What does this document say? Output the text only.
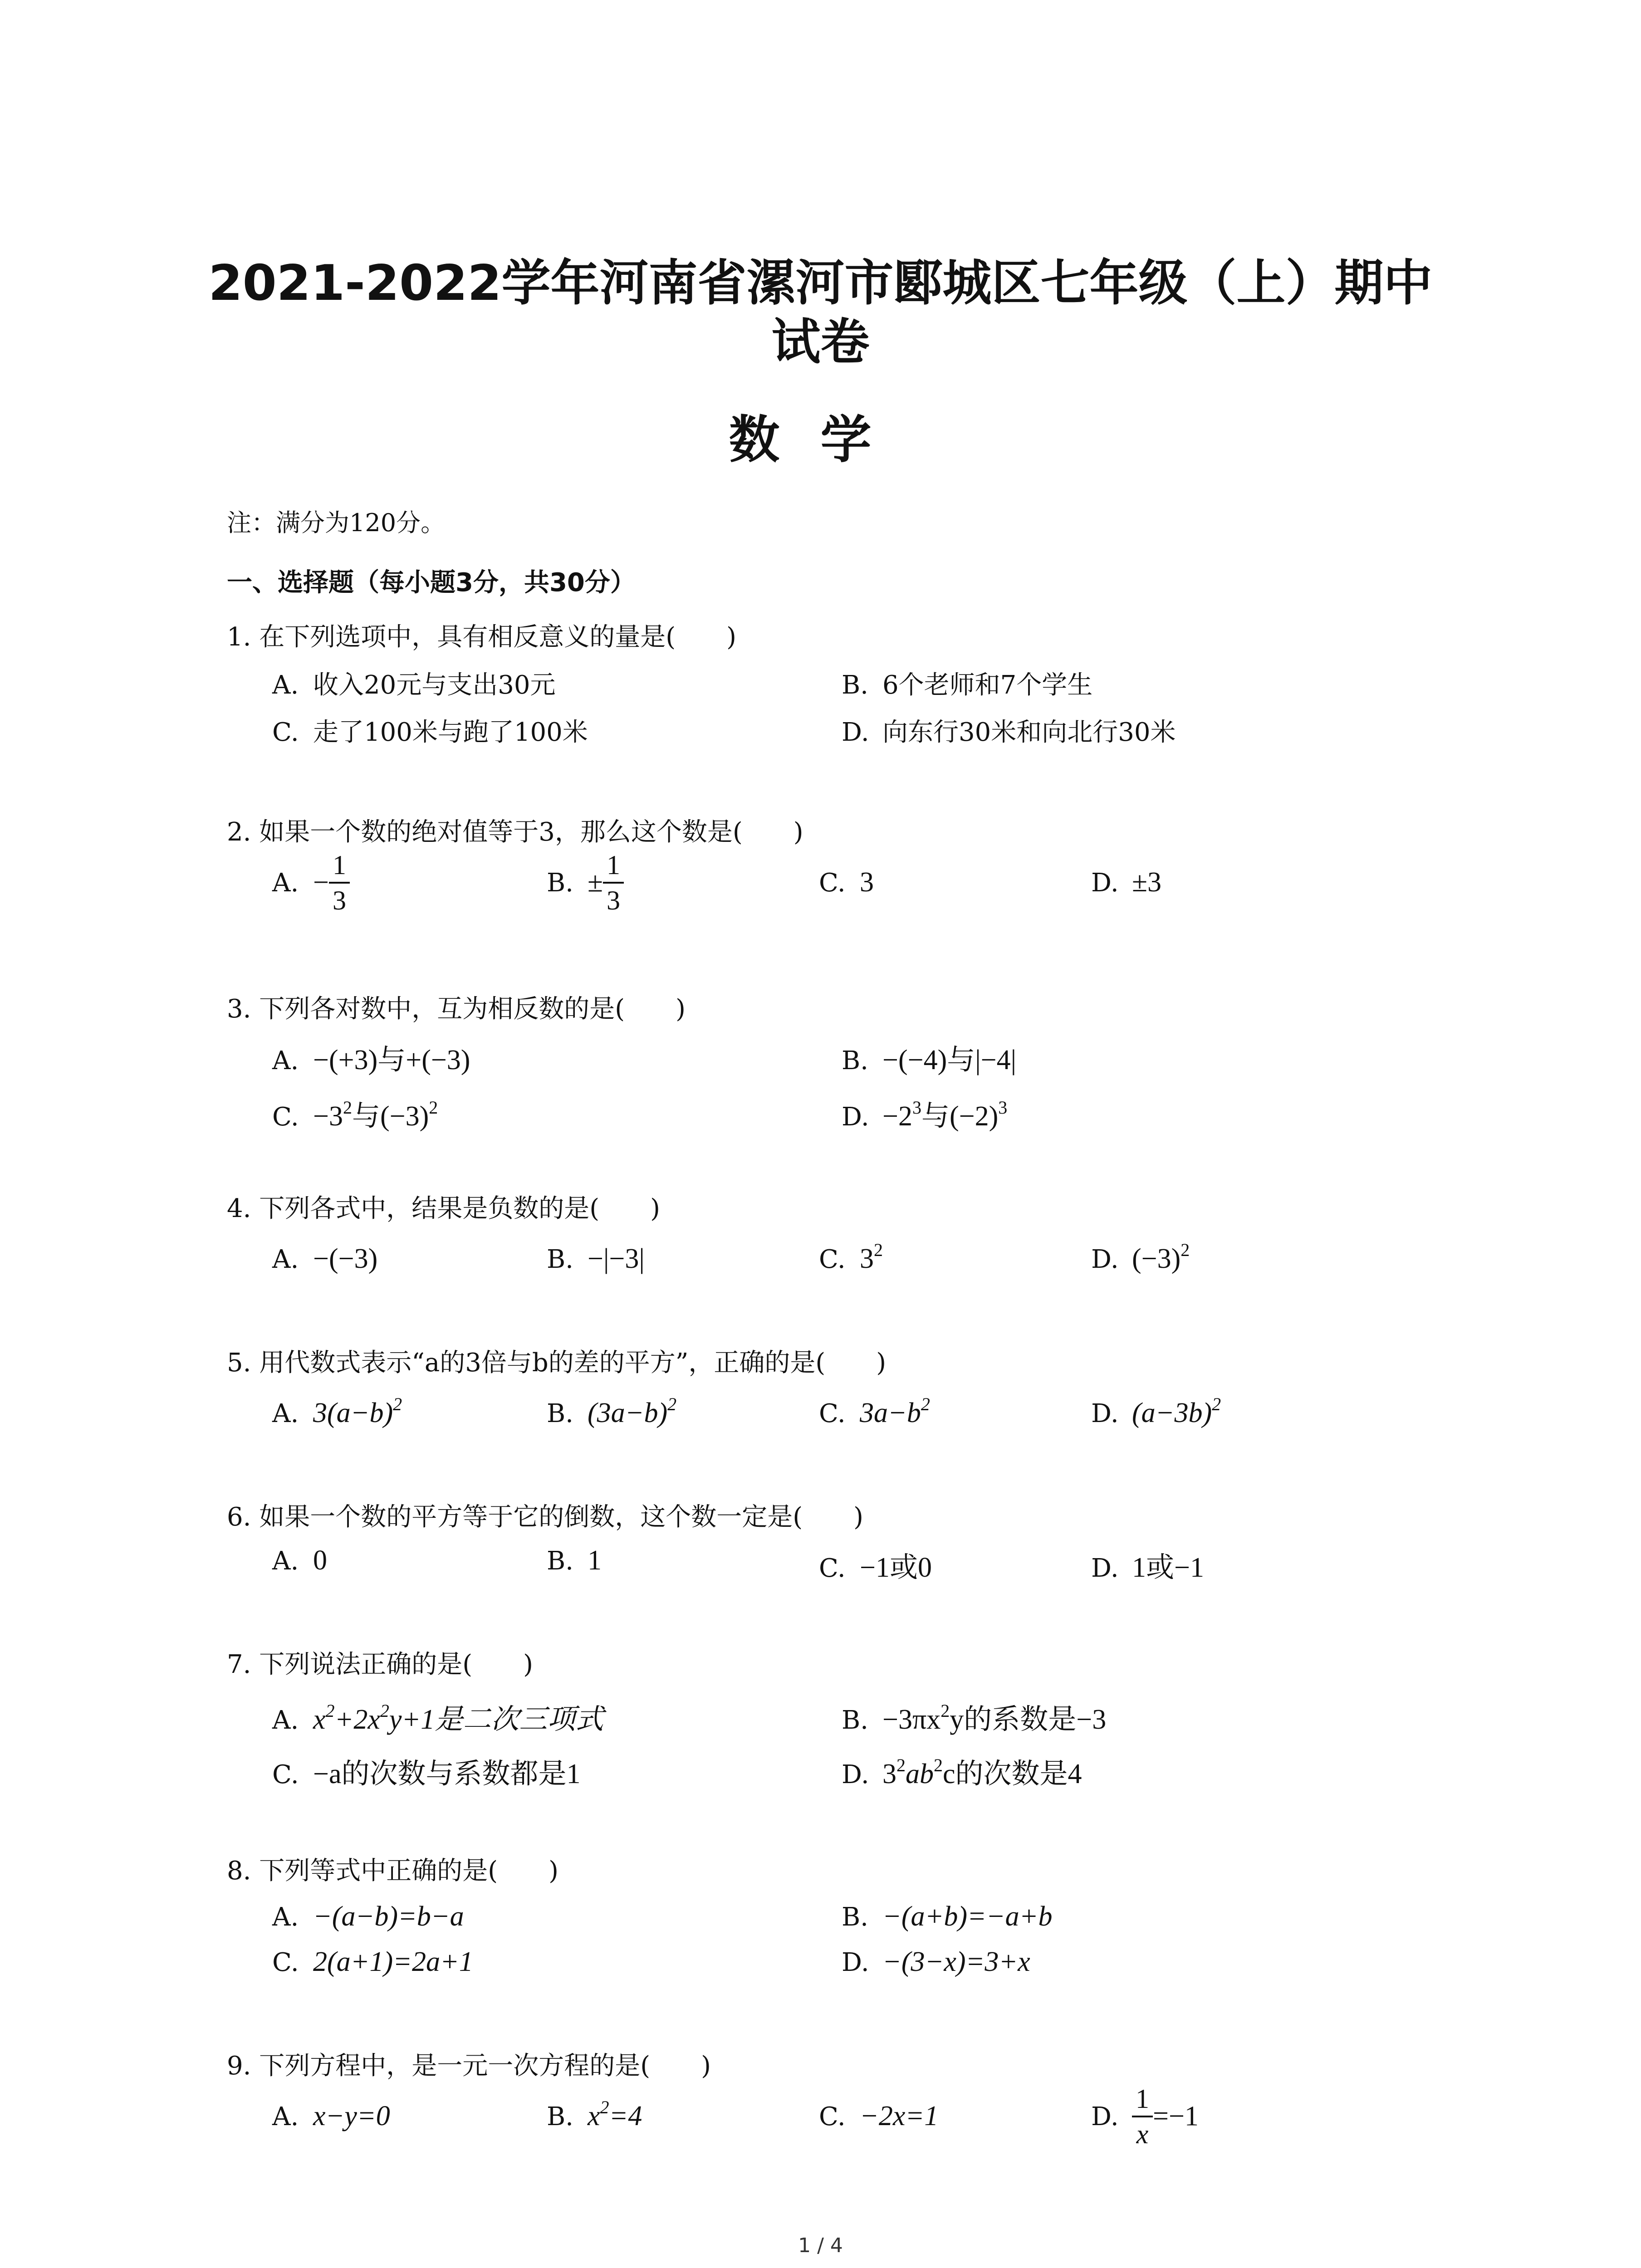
2021-2022学年河南省漯河市郾城区七年级（上）期中
试卷
数学
注：满分为120分。
一、选择题（每小题3分，共30分）
1. 在下列选项中，具有相反意义的量是(　　)
A. 收入20元与支出30元	B. 6个老师和7个学生
C. 走了100米与跑了100米	D. 向东行30米和向北行30米
2. 如果一个数的绝对值等于3，那么这个数是(　　)
A. − $\frac{1}{3}$	B. ± $\frac{1}{3}$	C. 3	D. ±3
3. 下列各对数中，互为相反数的是(　　)
A. −(+3)与+(−3)	B. −(−4)与|−4|
C. $-3^2$与$(-3)^2$	D. $-2^3$与$(-2)^3$
4. 下列各式中，结果是负数的是(　　)
A. −(−3)	B. −|−3|	C. $3^2$	D. $(-3)^2$
5. 用代数式表示“a的3倍与b的差的平方”，正确的是(　　)
A. $3(a-b)^2$	B. $(3a-b)^2$	C. $3a-b^2$	D. $(a-3b)^2$
6. 如果一个数的平方等于它的倒数，这个数一定是(　　)
A. 0	B. 1	C. −1或0	D. 1或−1
7. 下列说法正确的是(　　)
A. $x^2+2x^2y+1$是二次三项式	B. $-3\pi x^2y$的系数是−3
C. −a的次数与系数都是1	D. $3^2ab^2c$的次数是4
8. 下列等式中正确的是(　　)
A. −(a−b)=b−a	B. −(a+b)=−a+b
C. 2(a+1)=2a+1	D. −(3−x)=3+x
9. 下列方程中，是一元一次方程的是(　　)
A. x−y=0	B. $x^2=4$	C. −2x=1	D. $\frac{1}{x} =-1$
1 / 4
